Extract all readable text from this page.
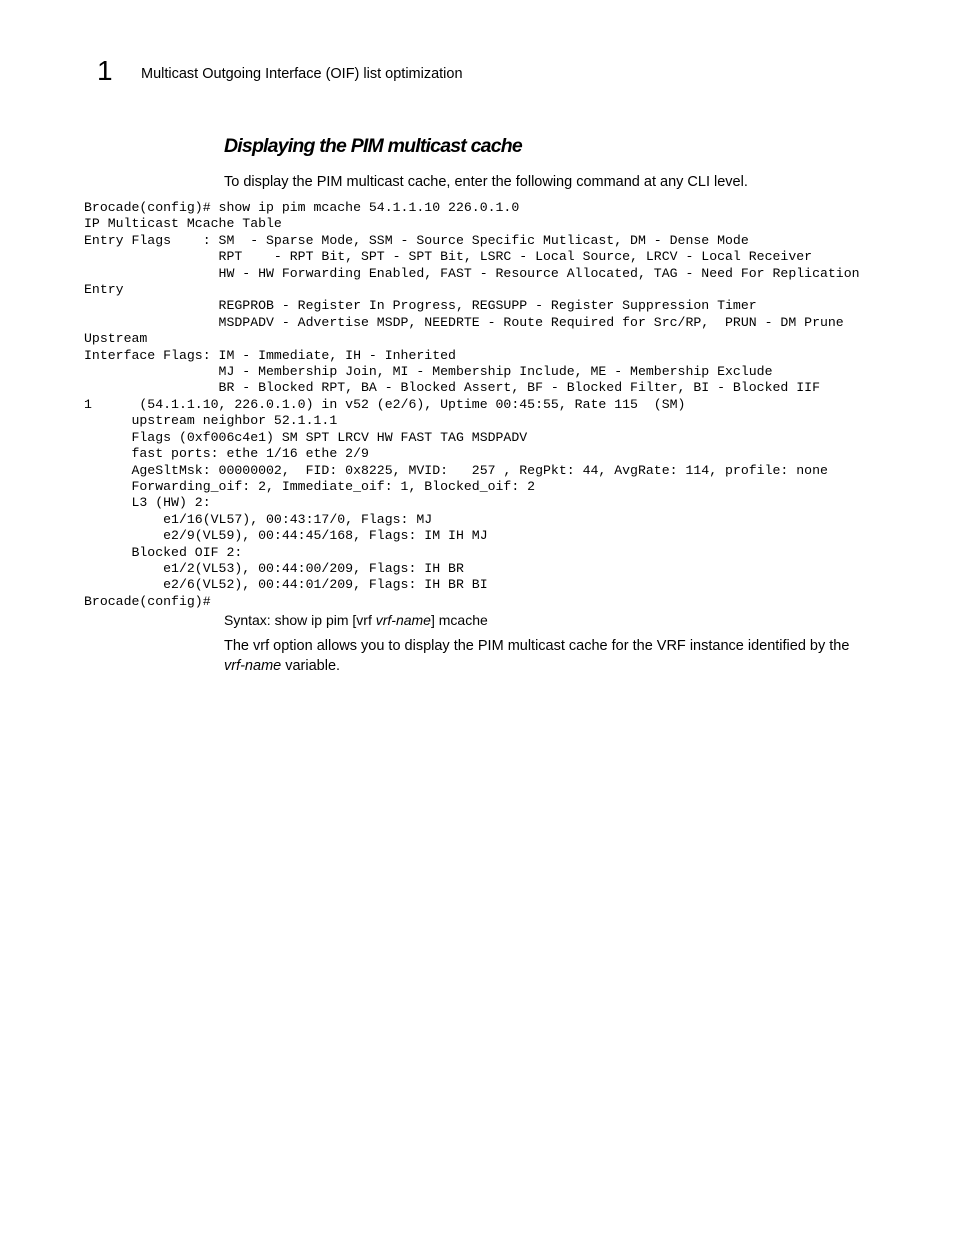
1 Multicast Outgoing Interface (OIF) list optimization
Displaying the PIM multicast cache
To display the PIM multicast cache, enter the following command at any CLI level.
Brocade(config)# show ip pim mcache 54.1.1.10 226.0.1.0
IP Multicast Mcache Table
Entry Flags    : SM  - Sparse Mode, SSM - Source Specific Mutlicast, DM - Dense Mode
RPT    - RPT Bit, SPT - SPT Bit, LSRC - Local Source, LRCV - Local Receiver
HW - HW Forwarding Enabled, FAST - Resource Allocated, TAG - Need For Replication
Entry
REGPROB - Register In Progress, REGSUPP - Register Suppression Timer
MSDPADV - Advertise MSDP, NEEDRTE - Route Required for Src/RP,  PRUN - DM Prune
Upstream
Interface Flags: IM - Immediate, IH - Inherited
MJ - Membership Join, MI - Membership Include, ME - Membership Exclude
BR - Blocked RPT, BA - Blocked Assert, BF - Blocked Filter, BI - Blocked IIF
1      (54.1.1.10, 226.0.1.0) in v52 (e2/6), Uptime 00:45:55, Rate 115  (SM)
upstream neighbor 52.1.1.1
Flags (0xf006c4e1) SM SPT LRCV HW FAST TAG MSDPADV
fast ports: ethe 1/16 ethe 2/9
AgeSltMsk: 00000002,  FID: 0x8225, MVID:   257 , RegPkt: 44, AvgRate: 114, profile: none
Forwarding_oif: 2, Immediate_oif: 1, Blocked_oif: 2
L3 (HW) 2:
e1/16(VL57), 00:43:17/0, Flags: MJ
e2/9(VL59), 00:44:45/168, Flags: IM IH MJ
Blocked OIF 2:
e1/2(VL53), 00:44:00/209, Flags: IH BR
e2/6(VL52), 00:44:01/209, Flags: IH BR BI
Brocade(config)#
Syntax: show ip pim [vrf vrf-name] mcache
The vrf option allows you to display the PIM multicast cache for the VRF instance identified by the vrf-name variable.
